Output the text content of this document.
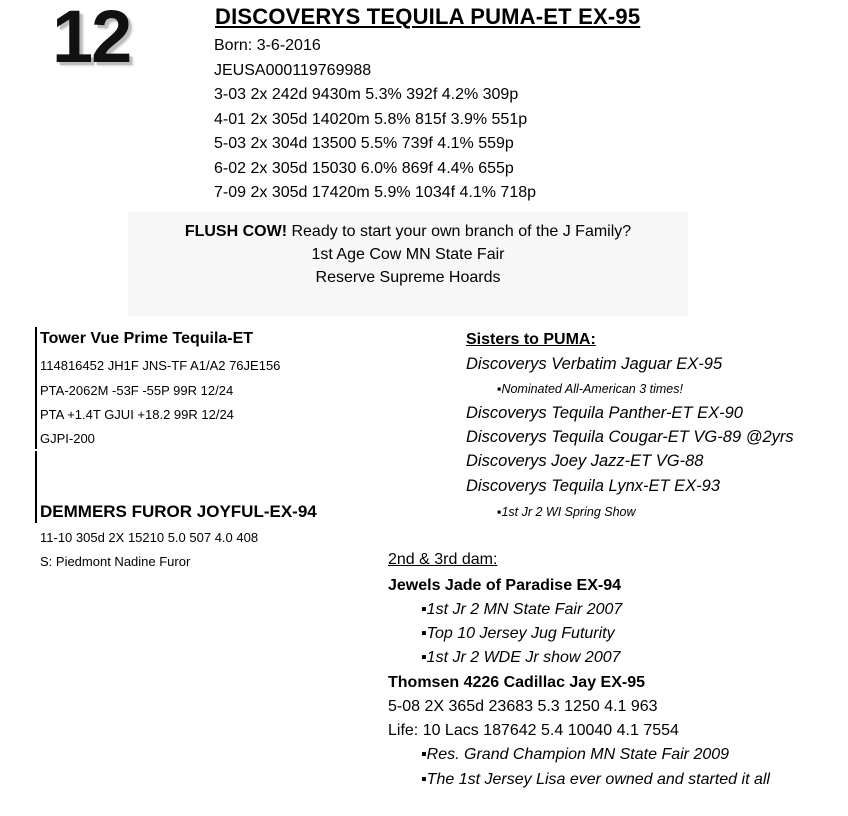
12	DISCOVERYS TEQUILA PUMA-ET EX-95
Born: 3-6-2016
JEUSA000119769988
3-03 2x 242d 9430m 5.3% 392f 4.2% 309p
4-01 2x 305d 14020m 5.8% 815f 3.9% 551p
5-03 2x 304d 13500 5.5% 739f 4.1% 559p
6-02 2x 305d 15030 6.0% 869f 4.4% 655p
7-09 2x 305d 17420m 5.9% 1034f 4.1% 718p
FLUSH COW! Ready to start your own branch of the J Family?
1st Age Cow MN State Fair
Reserve Supreme Hoards
Tower Vue Prime Tequila-ET
114816452 JH1F JNS-TF A1/A2 76JE156
PTA-2062M -53F -55P 99R 12/24
PTA +1.4T GJUI +18.2 99R 12/24
GJPI-200
DEMMERS FUROR JOYFUL-EX-94
11-10 305d 2X 15210 5.0 507 4.0 408
S: Piedmont Nadine Furor
Sisters to PUMA:
Discoverys Verbatim Jaguar EX-95
▪Nominated All-American 3 times!
Discoverys Tequila Panther-ET EX-90
Discoverys Tequila Cougar-ET VG-89 @2yrs
Discoverys Joey Jazz-ET VG-88
Discoverys Tequila Lynx-ET EX-93
▪1st Jr 2 WI Spring Show
2nd & 3rd dam:
Jewels Jade of Paradise EX-94
▪1st Jr 2 MN State Fair 2007
▪Top 10 Jersey Jug Futurity
▪1st Jr 2 WDE Jr show 2007
Thomsen 4226 Cadillac Jay EX-95
5-08 2X 365d 23683 5.3 1250 4.1 963
Life: 10 Lacs 187642 5.4 10040 4.1 7554
▪Res. Grand Champion MN State Fair 2009
▪The 1st Jersey Lisa ever owned and started it all
